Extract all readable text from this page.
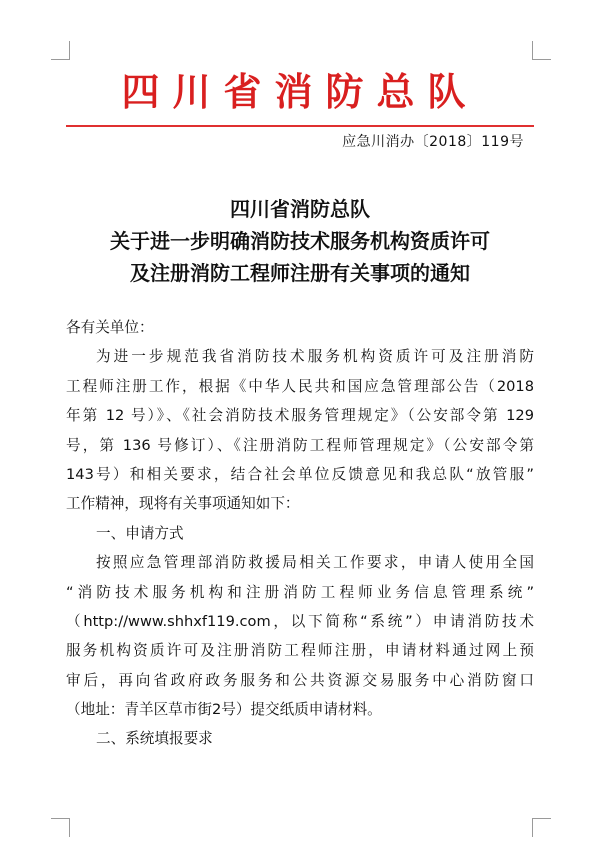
四川省消防总队
应急川消办〔2018〕119号
四川省消防总队
关于进一步明确消防技术服务机构资质许可
及注册消防工程师注册有关事项的通知
各有关单位：
为进一步规范我省消防技术服务机构资质许可及注册消防
工程师注册工作，根据《中华人民共和国应急管理部公告（2018
年第 12 号）》、《社会消防技术服务管理规定》（公安部令第 129
号，第 136 号修订）、《注册消防工程师管理规定》（公安部令第
143号）和相关要求，结合社会单位反馈意见和我总队“放管服”
工作精神，现将有关事项通知如下：
一、申请方式
按照应急管理部消防救援局相关工作要求，申请人使用全国
“消防技术服务机构和注册消防工程师业务信息管理系统”
（http://www.shhxf119.com，以下简称“系统”）申请消防技术
服务机构资质许可及注册消防工程师注册，申请材料通过网上预
审后，再向省政府政务服务和公共资源交易服务中心消防窗口
（地址：青羊区草市街2号）提交纸质申请材料。
二、系统填报要求
